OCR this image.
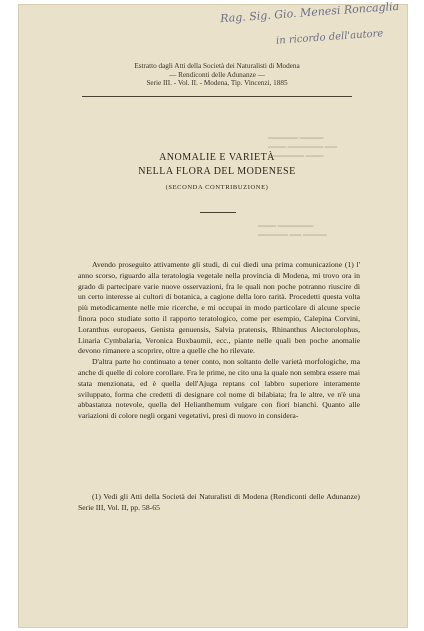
Rag. Sig. Gio. Menesi Roncaglia
in ricordo dell'autore
▬▬▬▬▬ ▬▬▬▬
▬▬▬ ▬▬▬▬▬▬ ▬▬
▬▬▬▬▬▬ ▬▬▬
▬▬▬ ▬▬▬▬▬▬
▬▬▬▬▬ ▬▬ ▬▬▬▬
Estratto dagli Atti della Società dei Naturalisti di Modena
— Rendiconti delle Adunanze —
Serie III. - Vol. II. - Modena, Tip. Vincenzi, 1885
ANOMALIE E VARIETÀ
NELLA FLORA DEL MODENESE
(SECONDA CONTRIBUZIONE)

Avendo proseguito attivamente gli studi, di cui diedi una prima comunicazione (1) l' anno scorso, riguardo alla teratologia vegetale nella provincia di Modena, mi trovo ora in grado di partecipare varie nuove osservazioni, fra le quali non poche potranno riuscire di un certo interesse ai cultori di botanica, a cagione della loro rarità. Procedetti questa volta più metodicamente nelle mie ricerche, e mi occupai in modo particolare di alcune specie finora poco studiate sotto il rapporto teratologico, come per esempio, Calepina Corvini, Loranthus europaeus, Genista genuensis, Salvia pratensis, Rhinanthus Alectorolophus, Linaria Cymbalaria, Veronica Buxbaumii, ecc., piante nelle quali ben poche anomalie devono rimanere a scoprire, oltre a quelle che ho rilevate.

D'altra parte ho continuato a tener conto, non soltanto delle varietà morfologiche, ma anche di quelle di colore corollare. Fra le prime, ne cito una la quale non sembra essere mai stata menzionata, ed è quella dell'Ajuga reptans col labbro superiore interamente sviluppato, forma che credetti di designare col nome di bilabiata; fra le altre, ve n'è una abbastanza notevole, quella del Helianthemum vulgare con fiori bianchi. Quanto alle variazioni di colore negli organi vegetativi, presi di nuovo in considera-

(1) Vedi gli Atti della Società dei Naturalisti di Modena (Rendiconti delle Adunanze) Serie III, Vol. II, pp. 58-65
